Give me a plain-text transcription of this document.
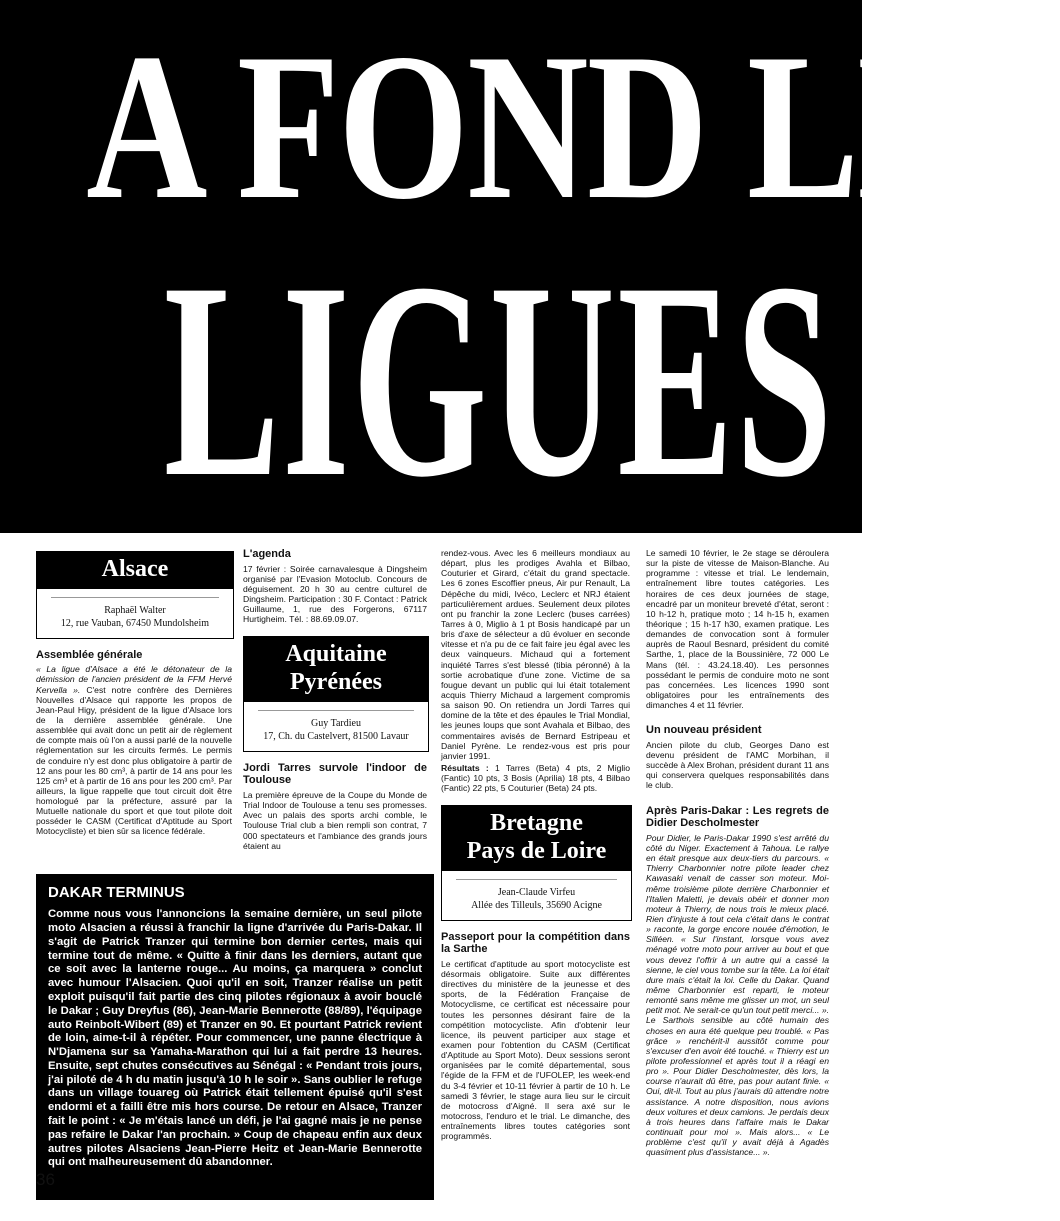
A FOND LES
LIGUES
Alsace
Raphaël Walter
12, rue Vauban, 67450 Mundolsheim
Assemblée générale

« La ligue d'Alsace a été le détonateur de la démission de l'ancien président de la FFM Hervé Kervella ». C'est notre confrère des Dernières Nouvelles d'Alsace qui rapporte les propos de Jean-Paul Higy, président de la ligue d'Alsace lors de la dernière assemblée générale. Une assemblée qui avait donc un petit air de règlement de compte mais où l'on a aussi parlé de la nouvelle réglementation sur les circuits fermés. Le permis de conduire n'y est donc plus obligatoire à partir de 12 ans pour les 80 cm³, à partir de 14 ans pour les 125 cm³ et à partir de 16 ans pour les 200 cm³. Par ailleurs, la ligue rappelle que tout circuit doit être homologué par la préfecture, assuré par la Mutuelle nationale du sport et que tout pilote doit posséder le CASM (Certificat d'Aptitude au Sport Motocycliste) et bien sûr sa licence fédérale.

L'agenda

17 février : Soirée carnavalesque à Dingsheim organisé par l'Evasion Motoclub. Concours de déguisement. 20 h 30 au centre culturel de Dingsheim. Participation : 30 F. Contact : Patrick Guillaume, 1, rue des Forgerons, 67117 Hurtigheim. Tél. : 88.69.09.07.

Aquitaine
Pyrénées
Guy Tardieu
17, Ch. du Castelvert, 81500 Lavaur
Jordi Tarres survole l'indoor de Toulouse

La première épreuve de la Coupe du Monde de Trial Indoor de Toulouse a tenu ses promesses. Avec un palais des sports archi comble, le Toulouse Trial club a bien rempli son contrat, 7 000 spectateurs et l'ambiance des grands jours étaient au

rendez-vous. Avec les 6 meilleurs mondiaux au départ, plus les prodiges Avahla et Bilbao, Couturier et Girard, c'était du grand spectacle. Les 6 zones Escoffier pneus, Air pur Renault, La Dépêche du midi, Ivéco, Leclerc et NRJ étaient particulièrement ardues. Seulement deux pilotes ont pu franchir la zone Leclerc (buses carrées) Tarres à 0, Miglio à 1 pt Bosis handicapé par un bris d'axe de sélecteur a dû évoluer en seconde vitesse et n'a pu de ce fait faire jeu égal avec les deux vainqueurs. Michaud qui a fortement inquiété Tarres s'est blessé (tibia péronné) à la sortie acrobatique d'une zone. Victime de sa fougue devant un public qui lui était totalement acquis Thierry Michaud a largement compromis sa saison 90. On retiendra un Jordi Tarres qui domine de la tête et des épaules le Trial Mondial, les jeunes loups que sont Avahala et Bilbao, des commentaires avisés de Bernard Estripeau et Daniel Pyrène. Le rendez-vous est pris pour janvier 1991.

Résultats : 1 Tarres (Beta) 4 pts, 2 Miglio (Fantic) 10 pts, 3 Bosis (Aprilia) 18 pts, 4 Bilbao (Fantic) 22 pts, 5 Couturier (Beta) 24 pts.

Bretagne
Pays de Loire
Jean-Claude Virfeu
Allée des Tilleuls, 35690 Acigne
Passeport pour la compétition dans la Sarthe

Le certificat d'aptitude au sport motocycliste est désormais obligatoire. Suite aux différentes directives du ministère de la jeunesse et des sports, de la Fédération Française de Motocyclisme, ce certificat est nécessaire pour toutes les personnes désirant faire de la compétition motocycliste. Afin d'obtenir leur licence, ils peuvent participer aux stage et examen pour l'obtention du CASM (Certificat d'Aptitude au Sport Moto). Deux sessions seront organisées par le comité départemental, sous l'égide de la FFM et de l'UFOLEP, les week-end du 3-4 février et 10-11 février à partir de 10 h. Le samedi 3 février, le stage aura lieu sur le circuit de motocross d'Aigné. Il sera axé sur le motocross, l'enduro et le trial. Le dimanche, des entraînements libres toutes catégories sont programmés.

Le samedi 10 février, le 2e stage se déroulera sur la piste de vitesse de Maison-Blanche. Au programme : vitesse et trial. Le lendemain, entraînement libre toutes catégories. Les horaires de ces deux journées de stage, encadré par un moniteur breveté d'état, seront : 10 h-12 h, pratique moto ; 14 h-15 h, examen théorique ; 15 h-17 h30, examen pratique. Les demandes de convocation sont à formuler auprès de Raoul Besnard, président du comité Sarthe, 1, place de la Boussinière, 72 000 Le Mans (tél. : 43.24.18.40). Les personnes possédant le permis de conduire moto ne sont pas concernées. Les licences 1990 sont obligatoires pour les entraînements des dimanches 4 et 11 février.

Un nouveau président

Ancien pilote du club, Georges Dano est devenu président de l'AMC Morbihan, il succède à Alex Brohan, président durant 11 ans qui conservera quelques responsabilités dans le club.

Après Paris-Dakar : Les regrets de Didier Descholmester

Pour Didier, le Paris-Dakar 1990 s'est arrêté du côté du Niger. Exactement à Tahoua. Le rallye en était presque aux deux-tiers du parcours. « Thierry Charbonnier notre pilote leader chez Kawasaki venait de casser son moteur. Moi-même troisième pilote derrière Charbonnier et l'Italien Maletti, je devais obéir et donner mon moteur à Thierry, de nous trois le mieux placé. Rien d'injuste à tout cela c'était dans le contrat » raconte, la gorge encore nouée d'émotion, le Silléen. « Sur l'instant, lorsque vous avez ménagé votre moto pour arriver au bout et que vous devez l'offrir à un autre qui a cassé la sienne, le ciel vous tombe sur la tête. La loi était dure mais c'était la loi. Celle du Dakar. Quand même Charbonnier est reparti, le moteur remonté sans même me glisser un mot, un seul petit mot. Ne serait-ce qu'un tout petit merci... ». Le Sarthois sensible au côté humain des choses en aura été quelque peu troublé. « Pas grâce » renchérit-il aussitôt comme pour s'excuser d'en avoir été touché. « Thierry est un pilote professionnel et après tout il a réagi en pro ». Pour Didier Descholmester, dès lors, la course n'aurait dû être, pas pour autant finie. « Oui, dit-il. Tout au plus j'aurais dû attendre notre assistance. A notre disposition, nous avions deux voitures et deux camions. Je perdais deux à trois heures dans l'affaire mais le Dakar continuait pour moi ». Mais alors... « Le problème c'est qu'il y avait déjà à Agadès quasiment plus d'assistance... ».

DAKAR TERMINUS
Comme nous vous l'annoncions la semaine dernière, un seul pilote moto Alsacien a réussi à franchir la ligne d'arrivée du Paris-Dakar. Il s'agit de Patrick Tranzer qui termine bon dernier certes, mais qui termine tout de même. « Quitte à finir dans les derniers, autant que ce soit avec la lanterne rouge... Au moins, ça marquera » conclut avec humour l'Alsacien. Quoi qu'il en soit, Tranzer réalise un petit exploit puisqu'il fait partie des cinq pilotes régionaux à avoir bouclé le Dakar ; Guy Dreyfus (86), Jean-Marie Bennerotte (88/89), l'équipage auto Reinbolt-Wibert (89) et Tranzer en 90. Et pourtant Patrick revient de loin, aime-t-il à répéter. Pour commencer, une panne électrique à N'Djamena sur sa Yamaha-Marathon qui lui a fait perdre 13 heures. Ensuite, sept chutes consécutives au Sénégal : « Pendant trois jours, j'ai piloté de 4 h du matin jusqu'à 10 h le soir ». Sans oublier le refuge dans un village touareg où Patrick était tellement épuisé qu'il s'est endormi et a failli être mis hors course. De retour en Alsace, Tranzer fait le point : « Je m'étais lancé un défi, je l'ai gagné mais je ne pense pas refaire le Dakar l'an prochain. » Coup de chapeau enfin aux deux autres pilotes Alsaciens Jean-Pierre Heitz et Jean-Marie Bennerotte qui ont malheureusement dû abandonner.
36
